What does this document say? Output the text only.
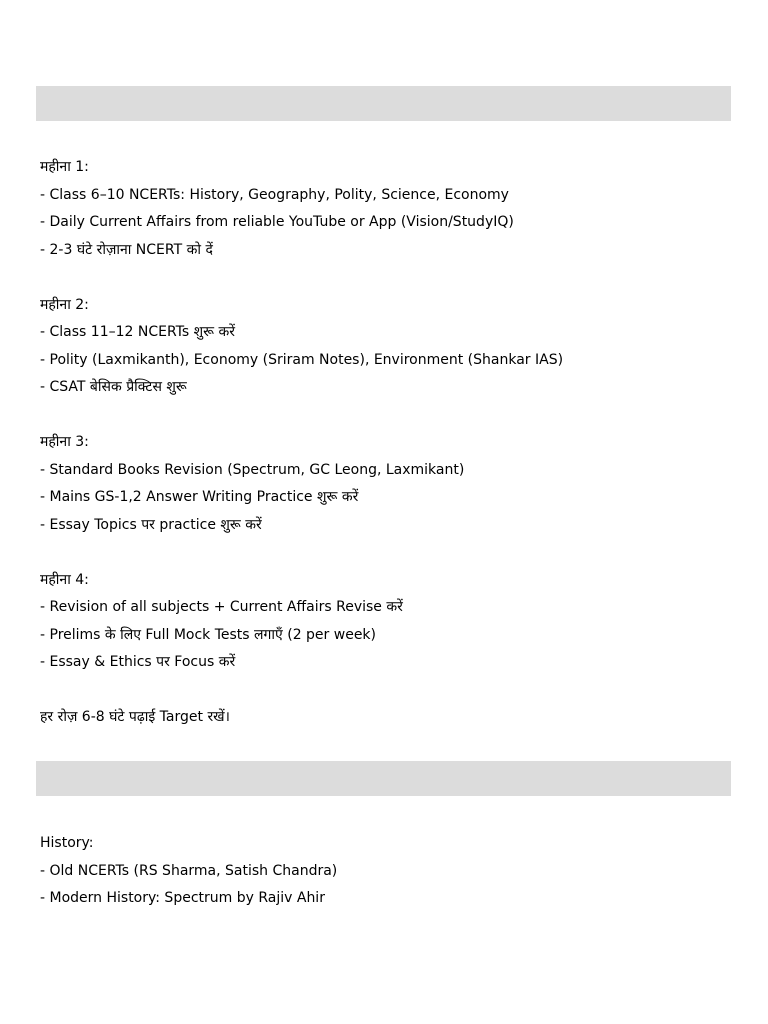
महीना 1:
- Class 6–10 NCERTs: History, Geography, Polity, Science, Economy
- Daily Current Affairs from reliable YouTube or App (Vision/StudyIQ)
- 2-3 घंटे रोज़ाना NCERT को दें
महीना 2:
- Class 11–12 NCERTs शुरू करें
- Polity (Laxmikanth), Economy (Sriram Notes), Environment (Shankar IAS)
- CSAT बेसिक प्रैक्टिस शुरू
महीना 3:
- Standard Books Revision (Spectrum, GC Leong, Laxmikant)
- Mains GS-1,2 Answer Writing Practice शुरू करें
- Essay Topics पर practice शुरू करें
महीना 4:
- Revision of all subjects + Current Affairs Revise करें
- Prelims के लिए Full Mock Tests लगाएँ (2 per week)
- Essay & Ethics पर Focus करें
हर रोज़ 6-8 घंटे पढ़ाई Target रखें।
History:
- Old NCERTs (RS Sharma, Satish Chandra)
- Modern History: Spectrum by Rajiv Ahir
